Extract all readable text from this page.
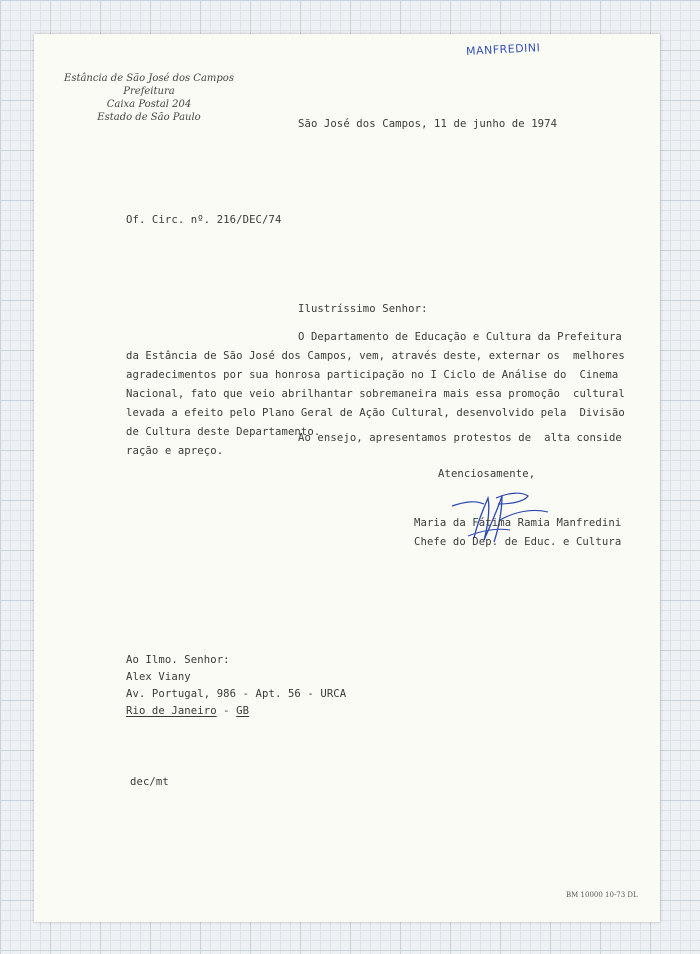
MANFREDINI
Estância de São José dos Campos
Prefeitura
Caixa Postal 204
Estado de São Paulo
São José dos Campos, 11 de junho de 1974
Of. Circ. nº. 216/DEC/74
Ilustríssimo Senhor:
O Departamento de Educação e Cultura da Prefeitura
da Estância de São José dos Campos, vem, através deste, externar os  melhores
agradecimentos por sua honrosa participação no I Ciclo de Análise do  Cinema
Nacional, fato que veio abrilhantar sobremaneira mais essa promoção  cultural
levada a efeito pelo Plano Geral de Ação Cultural, desenvolvido pela  Divisão
de Cultura deste Departamento.
Ao ensejo, apresentamos protestos de  alta conside
ração e apreço.
Atenciosamente,
Maria da Fátima Ramia Manfredini
Chefe do Dep. de Educ. e Cultura
Ao Ilmo. Senhor:
Alex Viany
Av. Portugal, 986 - Apt. 56 - URCA
Rio de Janeiro - GB
dec/mt
BM 10000 10-73 DL
